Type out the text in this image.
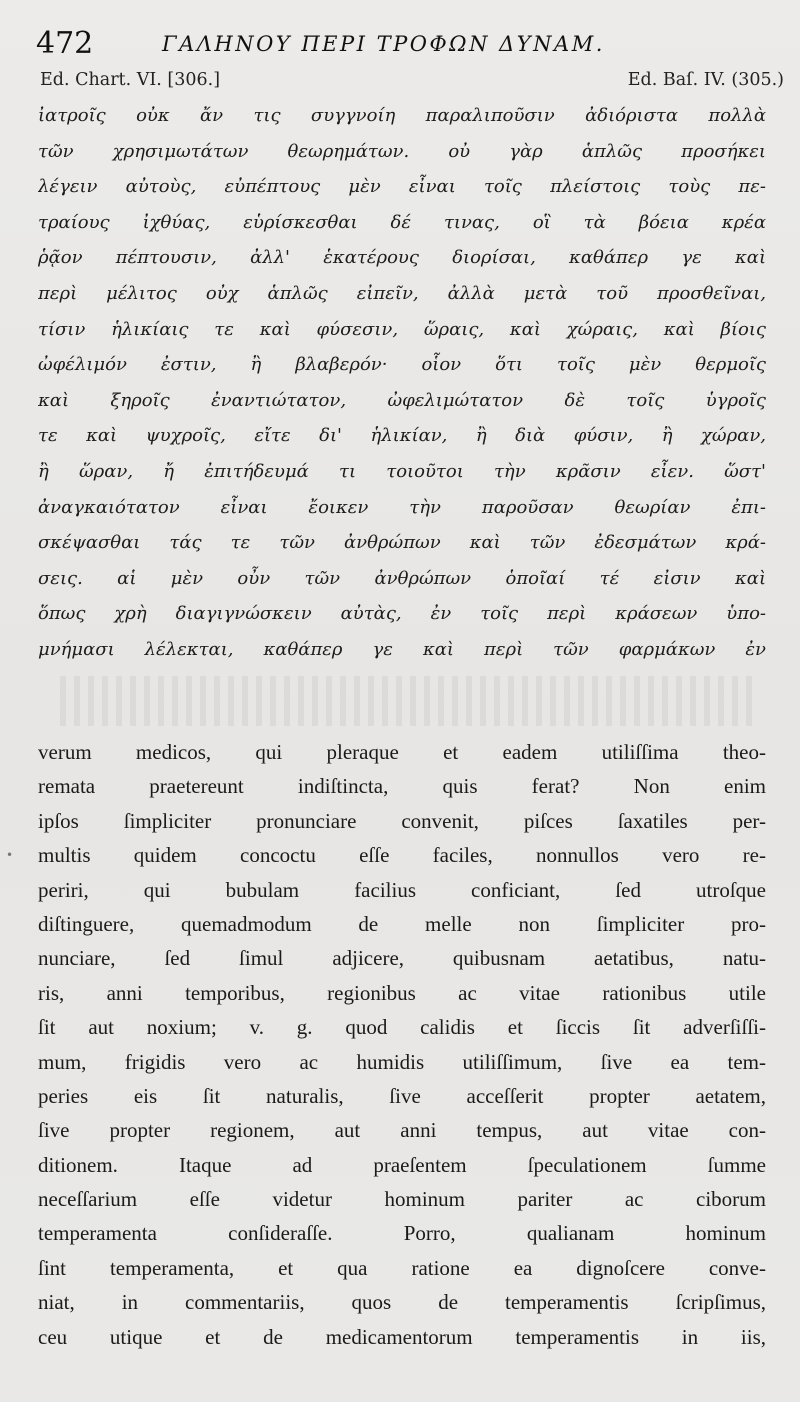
472	ΓΑΛΗΝΟΥ ΠΕΡΙ ΤΡΟΦΩΝ ΔΥΝΑΜ.
Ed. Chart. VI. [306.]	Ed. Baſ. IV. (305.)
ἰατροῖς οὐκ ἄν τις συγγνοίη παραλιποῦσιν ἀδιόριστα πολλὰ
τῶν χρησιμωτάτων θεωρημάτων. οὐ γὰρ ἁπλῶς προσήκει
λέγειν αὐτοὺς, εὐπέπτους μὲν εἶναι τοῖς πλείστοις τοὺς πε-
τραίους ἰχθύας, εὑρίσκεσθαι δέ τινας, οἳ τὰ βόεια κρέα
ῥᾷον πέπτουσιν, ἀλλ' ἑκατέρους διορίσαι, καθάπερ γε καὶ
περὶ μέλιτος οὐχ ἁπλῶς εἰπεῖν, ἀλλὰ μετὰ τοῦ προσθεῖναι,
τίσιν ἡλικίαις τε καὶ φύσεσιν, ὥραις, καὶ χώραις, καὶ βίοις
ὠφέλιμόν ἐστιν, ἢ βλαβερόν· οἷον ὅτι τοῖς μὲν θερμοῖς
καὶ ξηροῖς ἐναντιώτατον, ὠφελιμώτατον δὲ τοῖς ὑγροῖς
τε καὶ ψυχροῖς, εἴτε δι' ἡλικίαν, ἢ διὰ φύσιν, ἢ χώραν,
ἢ ὥραν, ἤ ἐπιτήδευμά τι τοιοῦτοι τὴν κρᾶσιν εἶεν. ὥστ'
ἀναγκαιότατον εἶναι ἔοικεν τὴν παροῦσαν θεωρίαν ἐπι-
σκέψασθαι τάς τε τῶν ἀνθρώπων καὶ τῶν ἐδεσμάτων κρά-
σεις. αἱ μὲν οὖν τῶν ἀνθρώπων ὁποῖαί τέ εἰσιν καὶ
ὅπως χρὴ διαγιγνώσκειν αὐτὰς, ἐν τοῖς περὶ κράσεων ὑπο-
μνήμασι λέλεκται, καθάπερ γε καὶ περὶ τῶν φαρμάκων ἐν
•
verum medicos, qui pleraque et eadem utiliſſima theo-
remata praetereunt indiſtincta, quis ferat? Non enim
ipſos ſimpliciter pronunciare convenit, piſces ſaxatiles per-
multis quidem concoctu eſſe faciles, nonnullos vero re-
periri, qui bubulam facilius conficiant, ſed utroſque
diſtinguere, quemadmodum de melle non ſimpliciter pro-
nunciare, ſed ſimul adjicere, quibusnam aetatibus, natu-
ris, anni temporibus, regionibus ac vitae rationibus utile
ſit aut noxium; v. g. quod calidis et ſiccis ſit adverſiſſi-
mum, frigidis vero ac humidis utiliſſimum, ſive ea tem-
peries eis ſit naturalis, ſive acceſſerit propter aetatem,
ſive propter regionem, aut anni tempus, aut vitae con-
ditionem. Itaque ad praeſentem ſpeculationem ſumme
neceſſarium eſſe videtur hominum pariter ac ciborum
temperamenta conſideraſſe. Porro, qualianam hominum
ſint temperamenta, et qua ratione ea dignoſcere conve-
niat, in commentariis, quos de temperamentis ſcripſimus,
ceu utique et de medicamentorum temperamentis in iis,
